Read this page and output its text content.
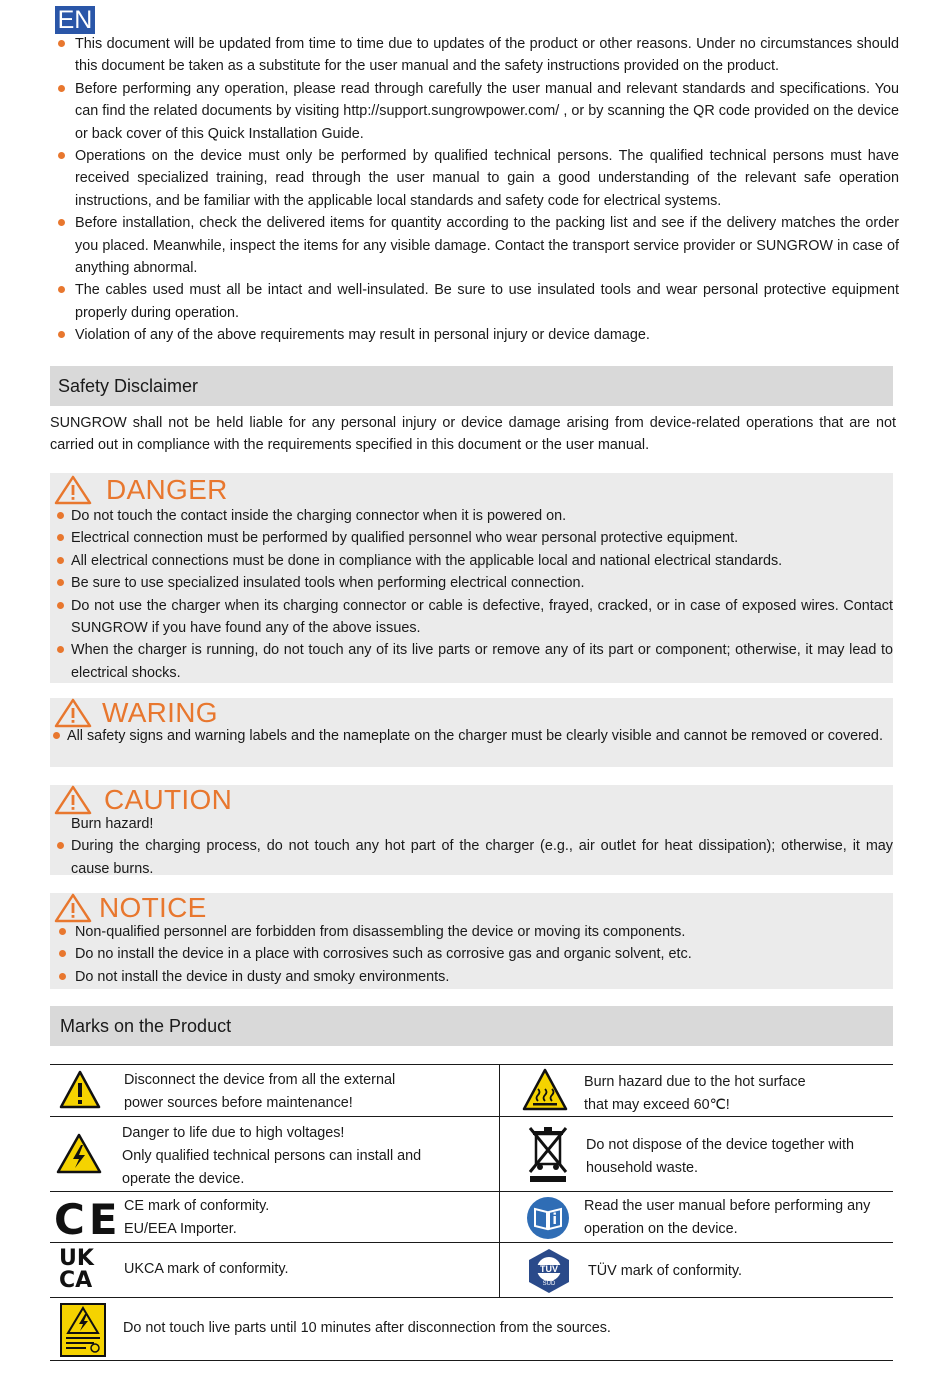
EN
This document will be updated from time to time due to updates of the product or other reasons. Under no circumstances should this document be taken as a substitute for the user manual and the safety instructions provided on the product.
Before performing any operation, please read through carefully the user manual and relevant standards and specifications. You can find the related documents by visiting http://support.sungrowpower.com/ , or by scanning the QR code provided on the device or back cover of this Quick Installation Guide.
Operations on the device must only be performed by qualified technical persons. The qualified technical persons must have received specialized training, read through the user manual to gain a good understanding of the relevant safe operation instructions, and be familiar with the applicable local standards and safety code for electrical systems.
Before installation, check the delivered items for quantity according to the packing list and see if the delivery matches the order you placed. Meanwhile, inspect the items for any visible damage. Contact the transport service provider or SUNGROW in case of anything abnormal.
The cables used must all be intact and well-insulated. Be sure to use insulated tools and wear personal protective equipment properly during operation.
Violation of any of the above requirements may result in personal injury or device damage.
Safety Disclaimer
SUNGROW shall not be held liable for any personal injury or device damage arising from device-related operations that are not carried out in compliance with the requirements specified in this document or the user manual.
DANGER
Do not touch the contact inside the charging connector when it is powered on.
Electrical connection must be performed by qualified personnel who wear personal protective equipment.
All electrical connections must be done in compliance with the applicable local and national electrical standards.
Be sure to use specialized insulated tools when performing electrical connection.
Do not use the charger when its charging connector or cable is defective, frayed, cracked, or in case of exposed wires. Contact SUNGROW if you have found any of the above issues.
When the charger is running, do not touch any of its live parts or remove any of its part or component; otherwise, it may lead to electrical shocks.
WARING
All safety signs and warning labels and the nameplate on the charger must be clearly visible and cannot be removed or covered.
CAUTION
Burn hazard!
During the charging process, do not touch any hot part of the charger (e.g., air outlet for heat dissipation); otherwise, it may cause burns.
NOTICE
Non-qualified personnel are forbidden from disassembling the device or moving its components.
Do no install the device in a place with corrosives such as corrosive gas and organic solvent, etc.
Do not install the device in dusty and smoky environments.
Marks on the Product
Disconnect the device from all the external
power sources before maintenance!
Burn hazard due to the hot surface
that may exceed 60℃!
Danger to life due to high voltages!
Only qualified technical persons can install and
operate the device.
Do not dispose of the device together with
household waste.
CE CE mark of conformity.
EU/EEA Importer.
Read the user manual before performing any
operation on the device.
UK
CA UKCA mark of conformity.	TÜV
SÜD
TÜV mark of conformity.
Do not touch live parts until 10 minutes after disconnection from the sources.
